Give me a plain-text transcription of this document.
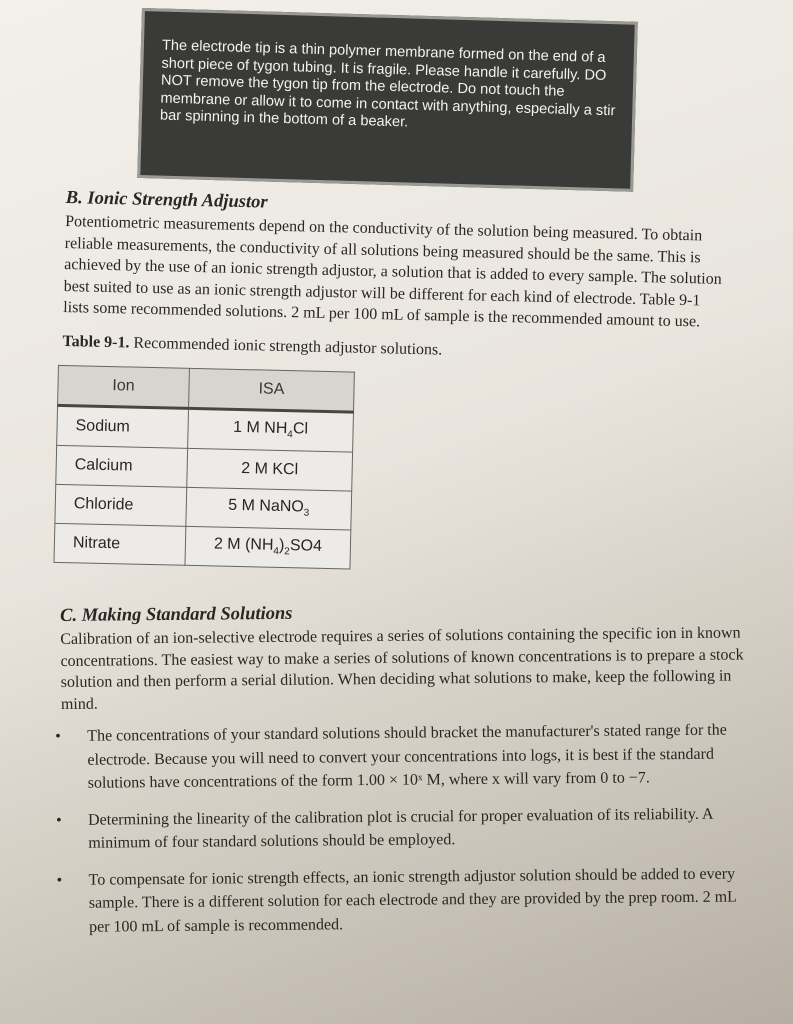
The electrode tip is a thin polymer membrane formed on the end of a short piece of tygon tubing. It is fragile. Please handle it carefully. DO NOT remove the tygon tip from the electrode. Do not touch the membrane or allow it to come in contact with anything, especially a stir bar spinning in the bottom of a beaker.
B. Ionic Strength Adjustor

Potentiometric measurements depend on the conductivity of the solution being measured. To obtain reliable measurements, the conductivity of all solutions being measured should be the same. This is achieved by the use of an ionic strength adjustor, a solution that is added to every sample. The solution best suited to use as an ionic strength adjustor will be different for each kind of electrode. Table 9-1 lists some recommended solutions. 2 mL per 100 mL of sample is the recommended amount to use.

Table 9-1. Recommended ionic strength adjustor solutions.
Ion	ISA
Sodium	1 M $NH_4Cl$
Calcium	2 M KCl
Chloride	5 M NaNO$_3$
Nitrate	2 M $(NH_4)_2SO4$
C. Making Standard Solutions

Calibration of an ion-selective electrode requires a series of solutions containing the specific ion in known concentrations. The easiest way to make a series of solutions of known concentrations is to prepare a stock solution and then perform a serial dilution. When deciding what solutions to make, keep the following in mind.

• The concentrations of your standard solutions should bracket the manufacturer's stated range for the electrode. Because you will need to convert your concentrations into logs, it is best if the standard solutions have concentrations of the form 1.00 × 10ˣ M, where x will vary from 0 to −7.
• Determining the linearity of the calibration plot is crucial for proper evaluation of its reliability. A minimum of four standard solutions should be employed.
• To compensate for ionic strength effects, an ionic strength adjustor solution should be added to every sample. There is a different solution for each electrode and they are provided by the prep room. 2 mL per 100 mL of sample is recommended.
